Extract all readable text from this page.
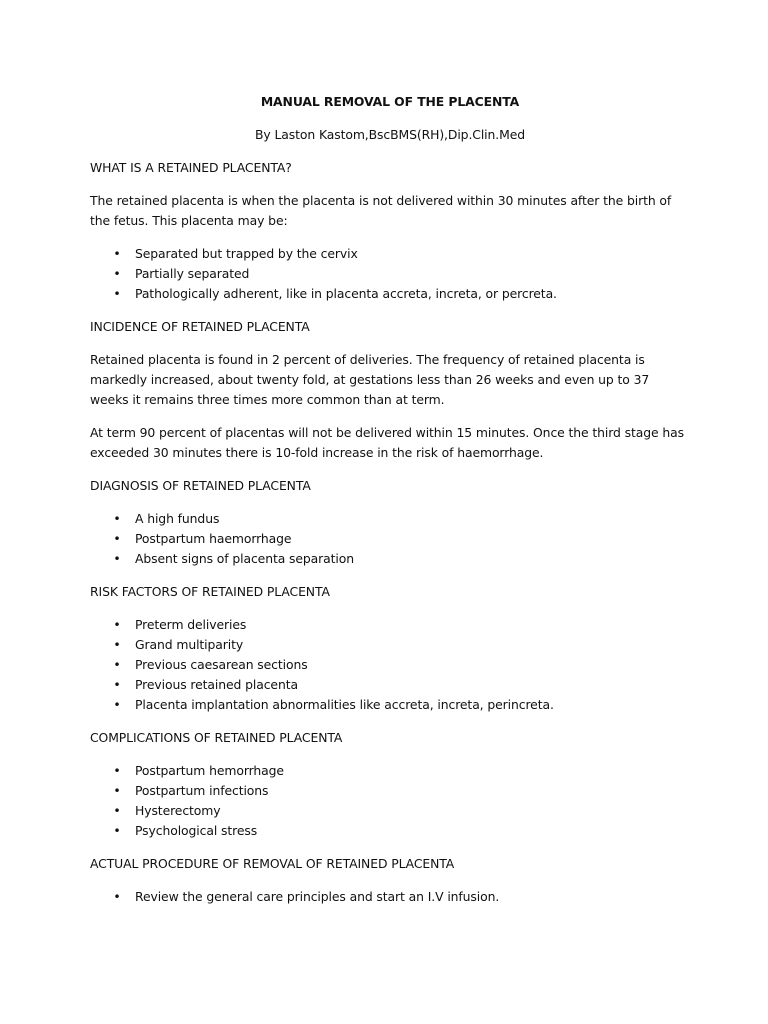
MANUAL REMOVAL OF THE PLACENTA
By Laston Kastom,BscBMS(RH),Dip.Clin.Med
WHAT IS A RETAINED PLACENTA?
The retained placenta is when the placenta is not delivered within 30 minutes after the birth of the fetus. This placenta may be:
• Separated but trapped by the cervix
• Partially separated
• Pathologically adherent, like in placenta accreta, increta, or percreta.
INCIDENCE OF RETAINED PLACENTA
Retained placenta is found in 2 percent of deliveries. The frequency of retained placenta is markedly increased, about twenty fold, at gestations less than 26 weeks and even up to 37 weeks it remains three times more common than at term.
At term 90 percent of placentas will not be delivered within 15 minutes. Once the third stage has exceeded 30 minutes there is 10-fold increase in the risk of haemorrhage.
DIAGNOSIS OF RETAINED PLACENTA
• A high fundus
• Postpartum haemorrhage
• Absent signs of placenta separation
RISK FACTORS OF RETAINED PLACENTA
• Preterm deliveries
• Grand multiparity
• Previous caesarean sections
• Previous retained placenta
• Placenta implantation abnormalities like accreta, increta, perincreta.
COMPLICATIONS OF RETAINED PLACENTA
• Postpartum hemorrhage
• Postpartum infections
• Hysterectomy
• Psychological stress
ACTUAL PROCEDURE OF REMOVAL OF RETAINED PLACENTA
• Review the general care principles and start an I.V infusion.
